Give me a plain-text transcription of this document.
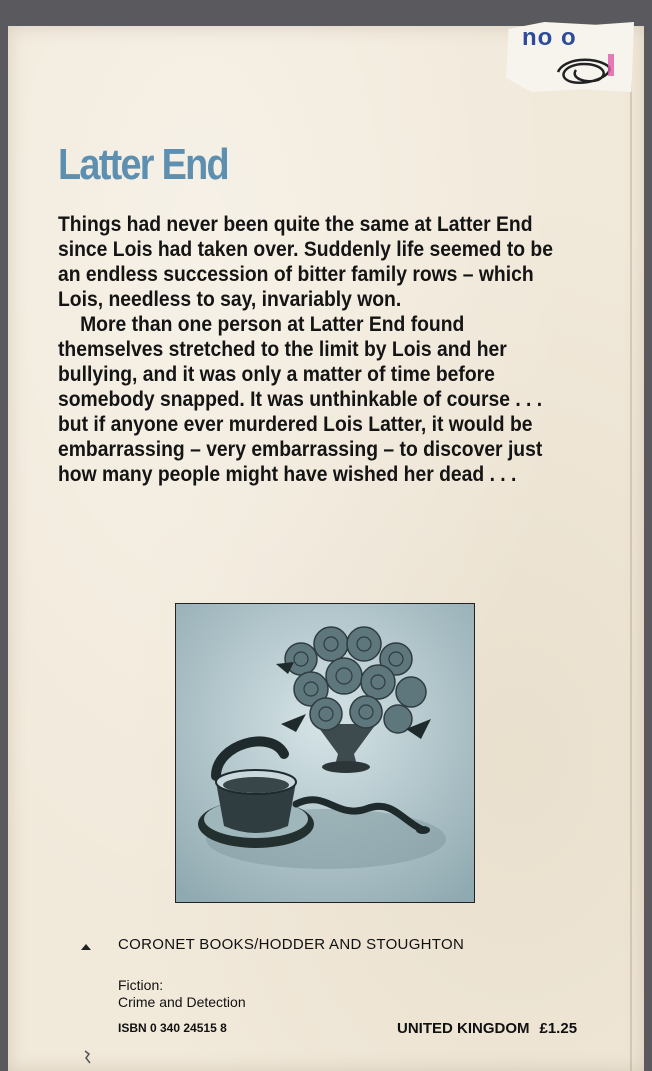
no o
Latter End

Things had never been quite the same at Latter End
since Lois had taken over. Suddenly life seemed to be
an endless succession of bitter family rows – which
Lois, needless to say, invariably won.

More than one person at Latter End found
themselves stretched to the limit by Lois and her
bullying, and it was only a matter of time before
somebody snapped. It was unthinkable of course . . .
but if anyone ever murdered Lois Latter, it would be
embarrassing – very embarrassing – to discover just
how many people might have wished her dead . . .

CORONET BOOKS/HODDER AND STOUGHTON
Fiction:
Crime and Detection
ISBN 0 340 24515 8	UNITED KINGDOM £1.25
